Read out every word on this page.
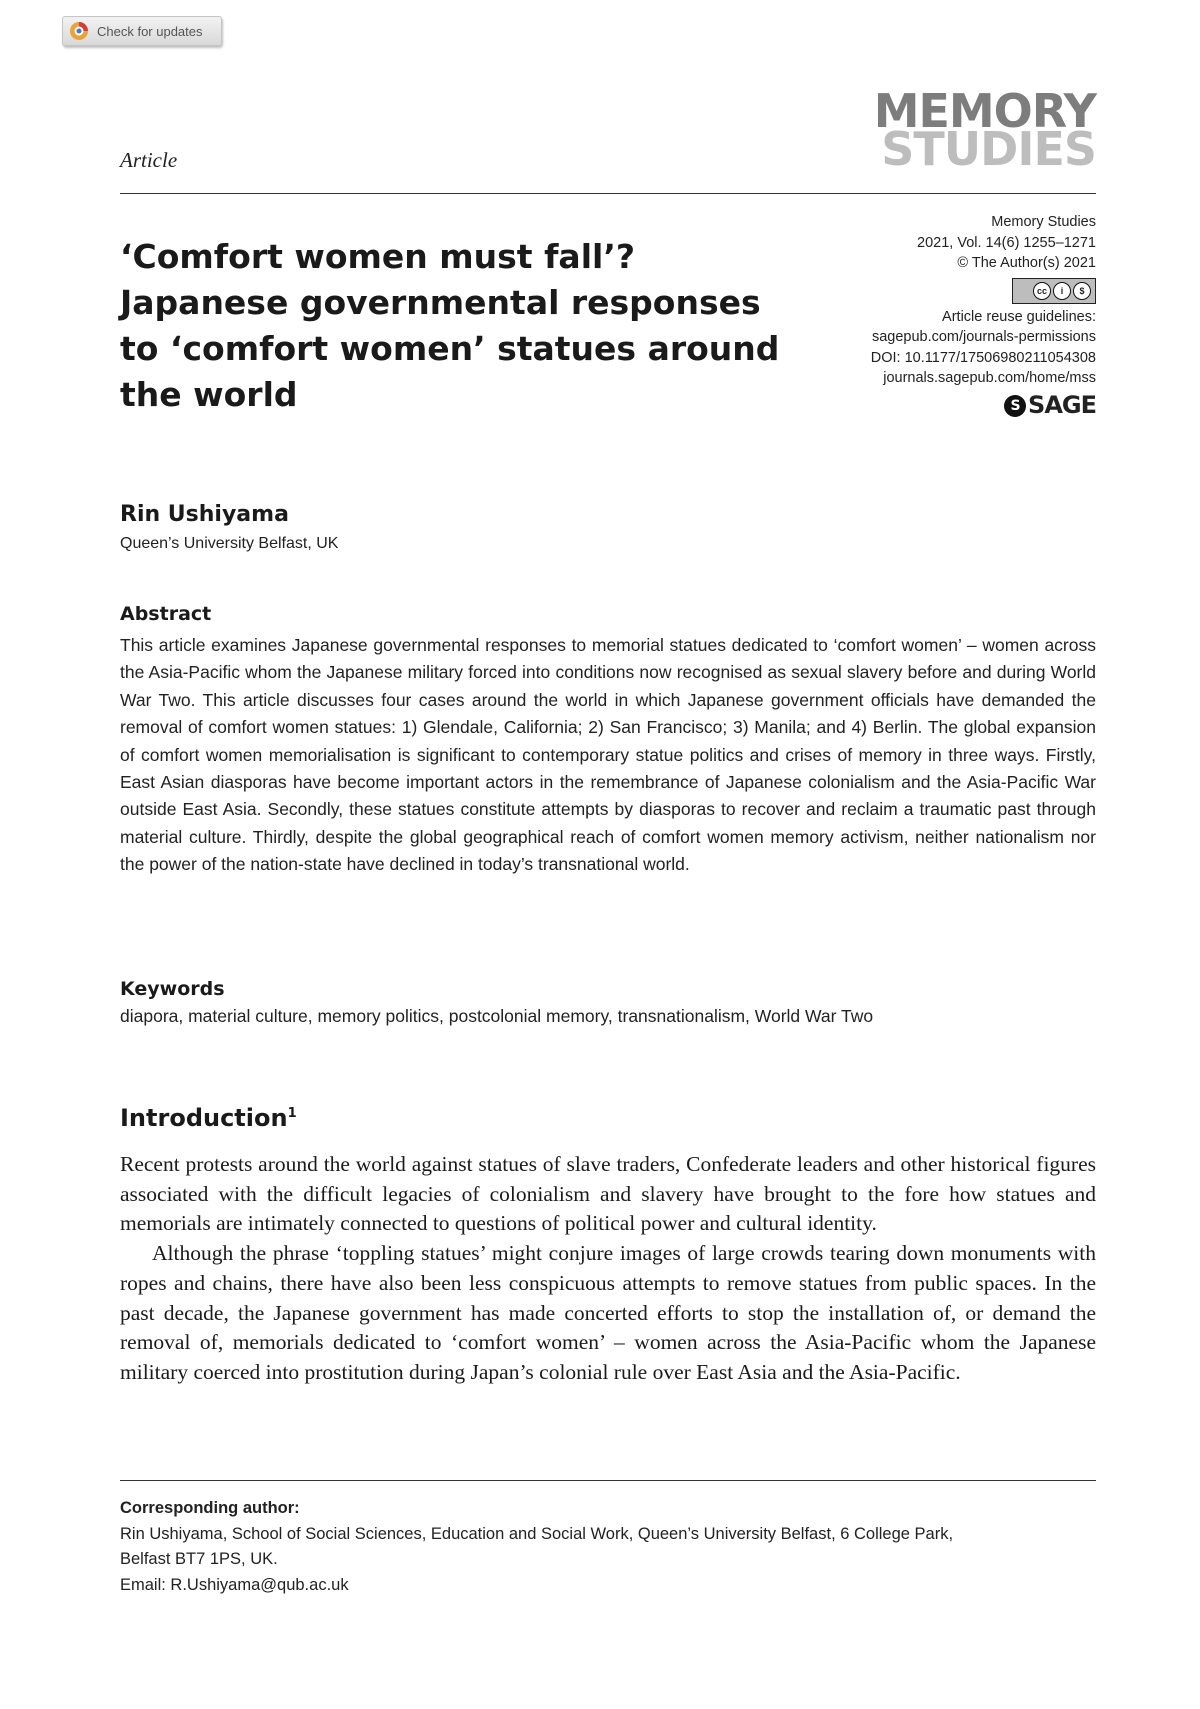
Check for updates
Article
MEMORY
STUDIES
‘Comfort women must fall’? Japanese governmental responses to ‘comfort women’ statues around the world
Memory Studies
2021, Vol. 14(6) 1255–1271
© The Author(s) 2021
cc	i	$
Article reuse guidelines:
sagepub.com/journals-permissions
DOI: 10.1177/17506980211054308
journals.sagepub.com/home/mss
S SAGE
Rin Ushiyama
Queen’s University Belfast, UK
Abstract

This article examines Japanese governmental responses to memorial statues dedicated to ‘comfort women’ – women across the Asia-Pacific whom the Japanese military forced into conditions now recognised as sexual slavery before and during World War Two. This article discusses four cases around the world in which Japanese government officials have demanded the removal of comfort women statues: 1) Glendale, California; 2) San Francisco; 3) Manila; and 4) Berlin. The global expansion of comfort women memorialisation is significant to contemporary statue politics and crises of memory in three ways. Firstly, East Asian diasporas have become important actors in the remembrance of Japanese colonialism and the Asia-Pacific War outside East Asia. Secondly, these statues constitute attempts by diasporas to recover and reclaim a traumatic past through material culture. Thirdly, despite the global geographical reach of comfort women memory activism, neither nationalism nor the power of the nation-state have declined in today’s transnational world.

Keywords
diapora, material culture, memory politics, postcolonial memory, transnationalism, World War Two
Introduction$^1$

Recent protests around the world against statues of slave traders, Confederate leaders and other historical figures associated with the difficult legacies of colonialism and slavery have brought to the fore how statues and memorials are intimately connected to questions of political power and cultural identity.

Although the phrase ‘toppling statues’ might conjure images of large crowds tearing down monuments with ropes and chains, there have also been less conspicuous attempts to remove statues from public spaces. In the past decade, the Japanese government has made concerted efforts to stop the installation of, or demand the removal of, memorials dedicated to ‘comfort women’ – women across the Asia-Pacific whom the Japanese military coerced into prostitution during Japan’s colonial rule over East Asia and the Asia-Pacific.

Corresponding author:
Rin Ushiyama, School of Social Sciences, Education and Social Work, Queen’s University Belfast, 6 College Park,
Belfast BT7 1PS, UK.
Email: R.Ushiyama@qub.ac.uk
